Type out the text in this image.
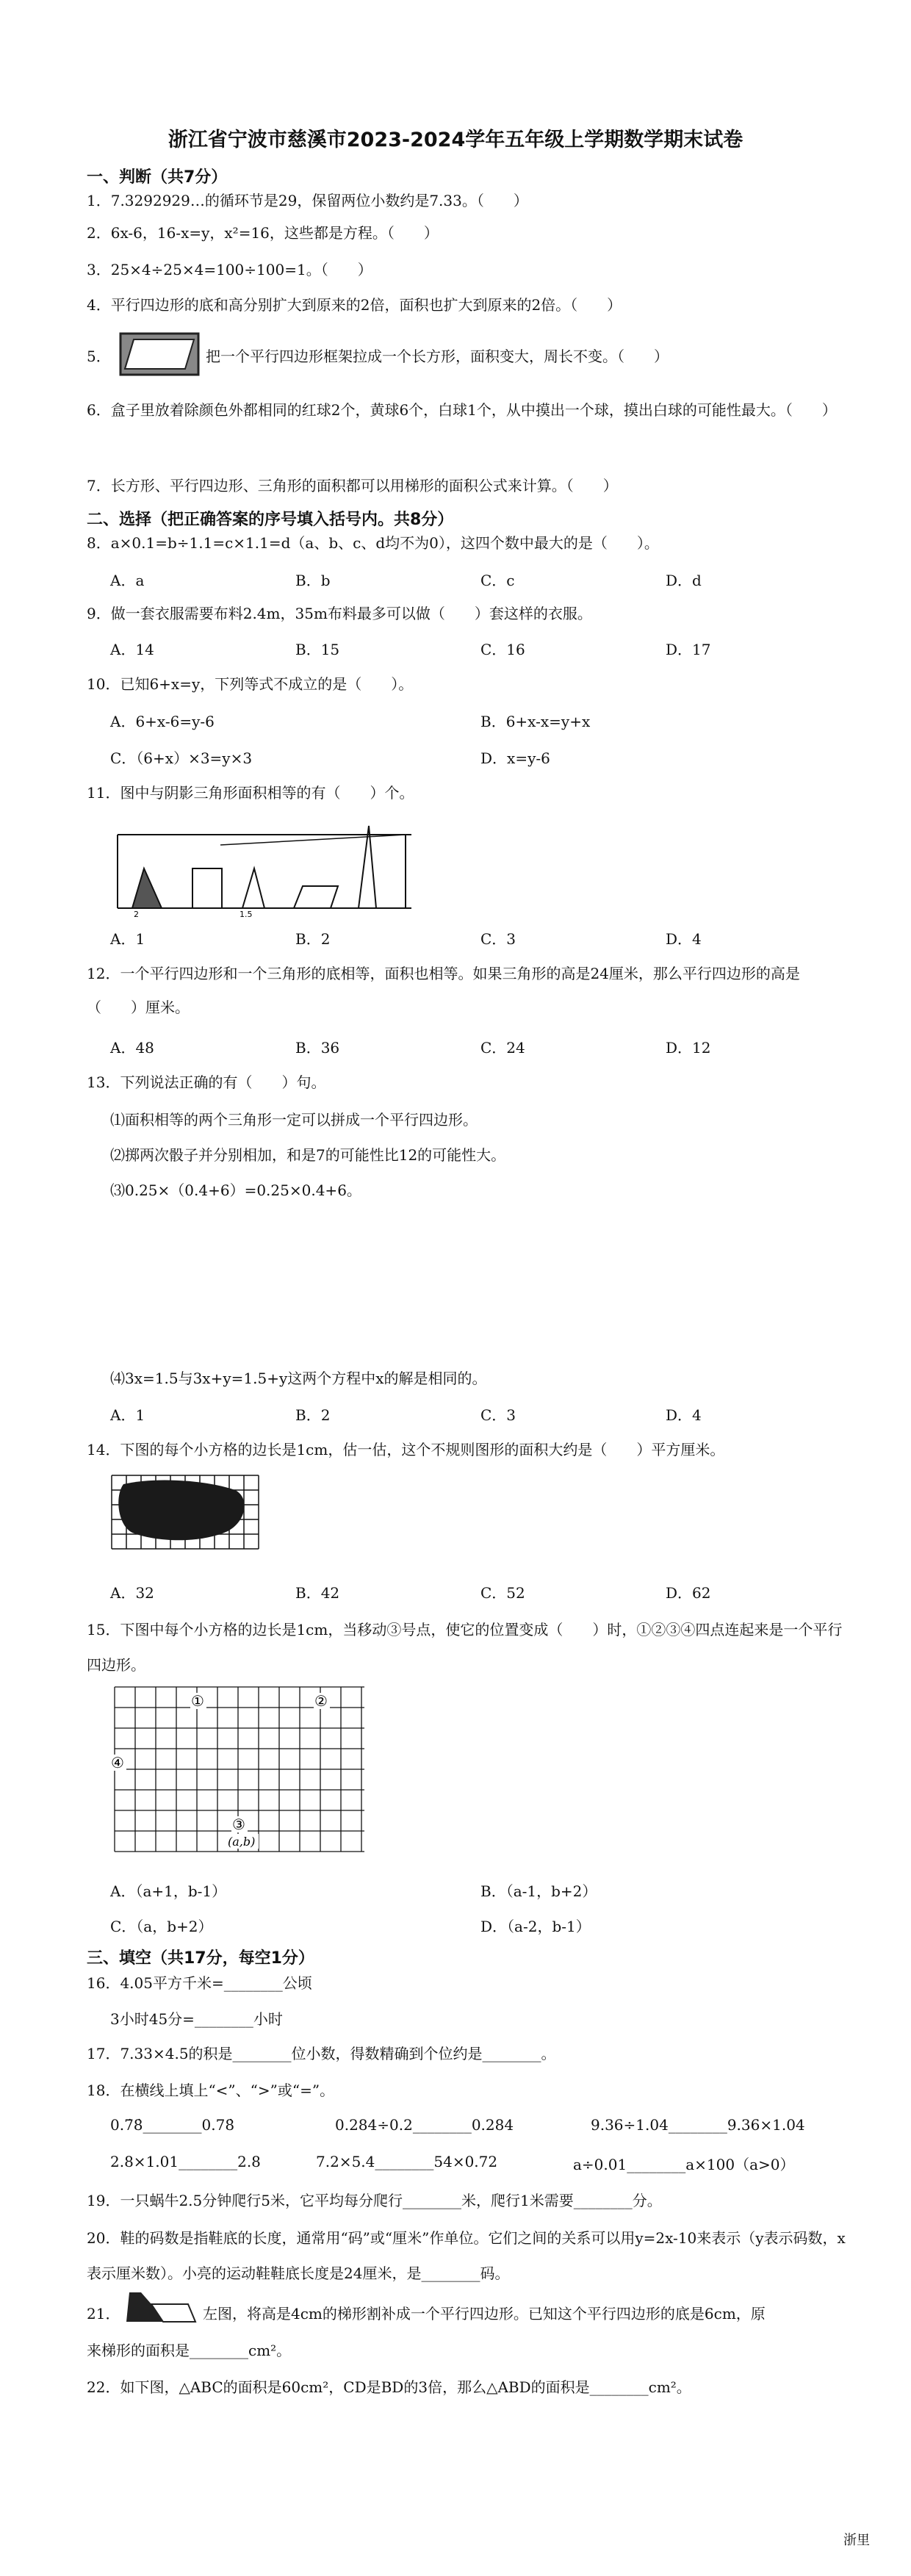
浙江省宁波市慈溪市2023-2024学年五年级上学期数学期末试卷
一、判断（共7分）
1．7.3292929…的循环节是29，保留两位小数约是7.33。（　　）
2．6x-6，16-x=y，x²=16，这些都是方程。（　　）
3．25×4÷25×4=100÷100=1。（　　）
4．平行四边形的底和高分别扩大到原来的2倍，面积也扩大到原来的2倍。（　　）
5．	把一个平行四边形框架拉成一个长方形，面积变大，周长不变。（　　）
6．盒子里放着除颜色外都相同的红球2个，黄球6个，白球1个，从中摸出一个球，摸出白球的可能性最大。（　　）
7．长方形、平行四边形、三角形的面积都可以用梯形的面积公式来计算。（　　）
二、选择（把正确答案的序号填入括号内。共8分）
8．a×0.1=b÷1.1=c×1.1=d（a、b、c、d均不为0），这四个数中最大的是（　　）。
A．a	B．b	C．c	D．d
9．做一套衣服需要布料2.4m，35m布料最多可以做（　　）套这样的衣服。
A．14	B．15	C．16	D．17
10．已知6+x=y，下列等式不成立的是（　　）。
A．6+x-6=y-6	B．6+x-x=y+x
C．（6+x）×3=y×3	D．x=y-6
11．图中与阴影三角形面积相等的有（　　）个。
2	1.5
A．1	B．2	C．3	D．4
12．一个平行四边形和一个三角形的底相等，面积也相等。如果三角形的高是24厘米，那么平行四边形的高是（　　）厘米。
A．48	B．36	C．24	D．12
13．下列说法正确的有（　　）句。
⑴面积相等的两个三角形一定可以拼成一个平行四边形。
⑵掷两次骰子并分别相加，和是7的可能性比12的可能性大。
⑶0.25×（0.4+6）=0.25×0.4+6。
⑷3x=1.5与3x+y=1.5+y这两个方程中x的解是相同的。
A．1	B．2	C．3	D．4
14．下图的每个小方格的边长是1cm，估一估，这个不规则图形的面积大约是（　　）平方厘米。
A．32	B．42	C．52	D．62
15．下图中每个小方格的边长是1cm，当移动③号点，使它的位置变成（　　）时，①②③④四点连起来是一个平行四边形。
①	②
③
④
(a,b)
A．（a+1，b-1）	B．（a-1，b+2）
C．（a，b+2）	D．（a-2，b-1）
三、填空（共17分，每空1分）
16．4.05平方千米=________公顷
3小时45分=________小时
17．7.33×4.5的积是________位小数，得数精确到个位约是________。
18．在横线上填上“<”、“>”或“=”。
0.7̇8̇________0.78̇	0.284÷0.2________0.284	9.36÷1.04________9.36×1.04
2.8×1.01________2.8	7.2×5.4________54×0.72	a÷0.01________a×100（a>0）
19．一只蜗牛2.5分钟爬行5米，它平均每分爬行________米，爬行1米需要________分。
20．鞋的码数是指鞋底的长度，通常用“码”或“厘米”作单位。它们之间的关系可以用y=2x-10来表示（y表示码数，x表示厘米数）。小亮的运动鞋鞋底长度是24厘米，是________码。
21．	左图，将高是4cm的梯形割补成一个平行四边形。已知这个平行四边形的底是6cm，原
来梯形的面积是________cm²。
22．如下图，△ABC的面积是60cm²，CD是BD的3倍，那么△ABD的面积是________cm²。
浙里
